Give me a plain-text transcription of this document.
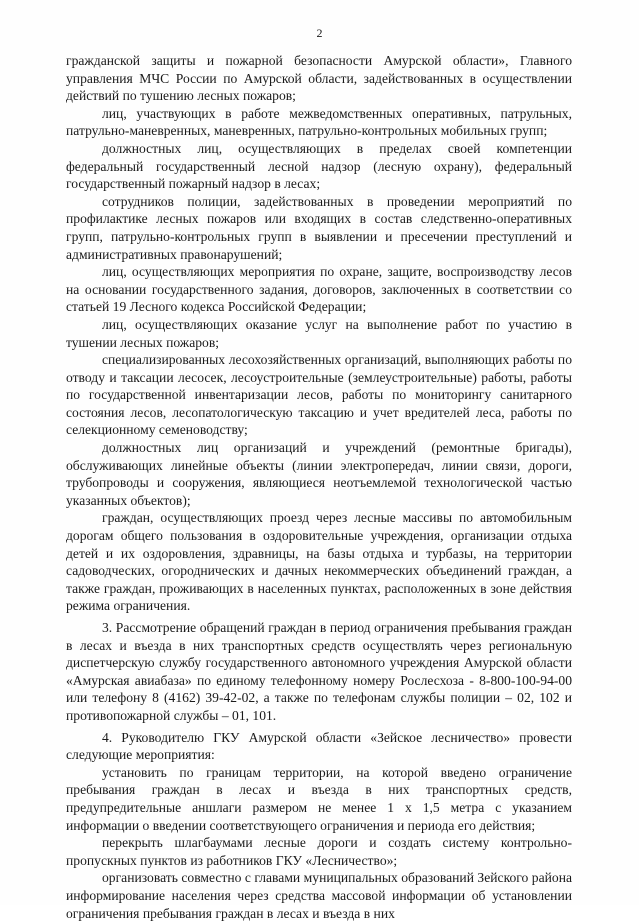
2

гражданской защиты и пожарной безопасности Амурской области», Главного управления МЧС России по Амурской области, задействованных в осуществлении действий по тушению лесных пожаров;

лиц, участвующих в работе межведомственных оперативных, патрульных, патрульно-маневренных, маневренных, патрульно-контрольных мобильных групп;

должностных лиц, осуществляющих в пределах своей компетенции федеральный государственный лесной надзор (лесную охрану), федеральный государственный пожарный надзор в лесах;

сотрудников полиции, задействованных в проведении мероприятий по профилактике лесных пожаров или входящих в состав следственно-оперативных групп, патрульно-контрольных групп в выявлении и пресечении преступлений и административных правонарушений;

лиц, осуществляющих мероприятия по охране, защите, воспроизводству лесов на основании государственного задания, договоров, заключенных в соответствии со статьей 19 Лесного кодекса Российской Федерации;

лиц, осуществляющих оказание услуг на выполнение работ по участию в тушении лесных пожаров;

специализированных лесохозяйственных организаций, выполняющих работы по отводу и таксации лесосек, лесоустроительные (землеустроительные) работы, работы по государственной инвентаризации лесов, работы по мониторингу санитарного состояния лесов, лесопатологическую таксацию и учет вредителей леса, работы по селекционному семеноводству;

должностных лиц организаций и учреждений (ремонтные бригады), обслуживающих линейные объекты (линии электропередач, линии связи, дороги, трубопроводы и сооружения, являющиеся неотъемлемой технологической частью указанных объектов);

граждан, осуществляющих проезд через лесные массивы по автомобильным дорогам общего пользования в оздоровительные учреждения, организации отдыха детей и их оздоровления, здравницы, на базы отдыха и турбазы, на территории садоводческих, огороднических и дачных некоммерческих объединений граждан, а также граждан, проживающих в населенных пунктах, расположенных в зоне действия режима ограничения.

3. Рассмотрение обращений граждан в период ограничения пребывания граждан в лесах и въезда в них транспортных средств осуществлять через региональную диспетчерскую службу государственного автономного учреждения Амурской области «Амурская авиабаза» по единому телефонному номеру Рослесхоза - 8-800-100-94-00 или телефону 8 (4162) 39-42-02, а также по телефонам службы полиции – 02, 102 и противопожарной службы – 01, 101.

4. Руководителю ГКУ Амурской области «Зейское лесничество» провести следующие мероприятия:

установить по границам территории, на которой введено ограничение пребывания граждан в лесах и въезда в них транспортных средств, предупредительные аншлаги размером не менее 1 х 1,5 метра с указанием информации о введении соответствующего ограничения и периода его действия;

перекрыть шлагбаумами лесные дороги и создать систему контрольно-пропускных пунктов из работников ГКУ «Лесничество»;

организовать совместно с главами муниципальных образований Зейского района информирование населения через средства массовой информации об установлении ограничения пребывания граждан в лесах и въезда в них
